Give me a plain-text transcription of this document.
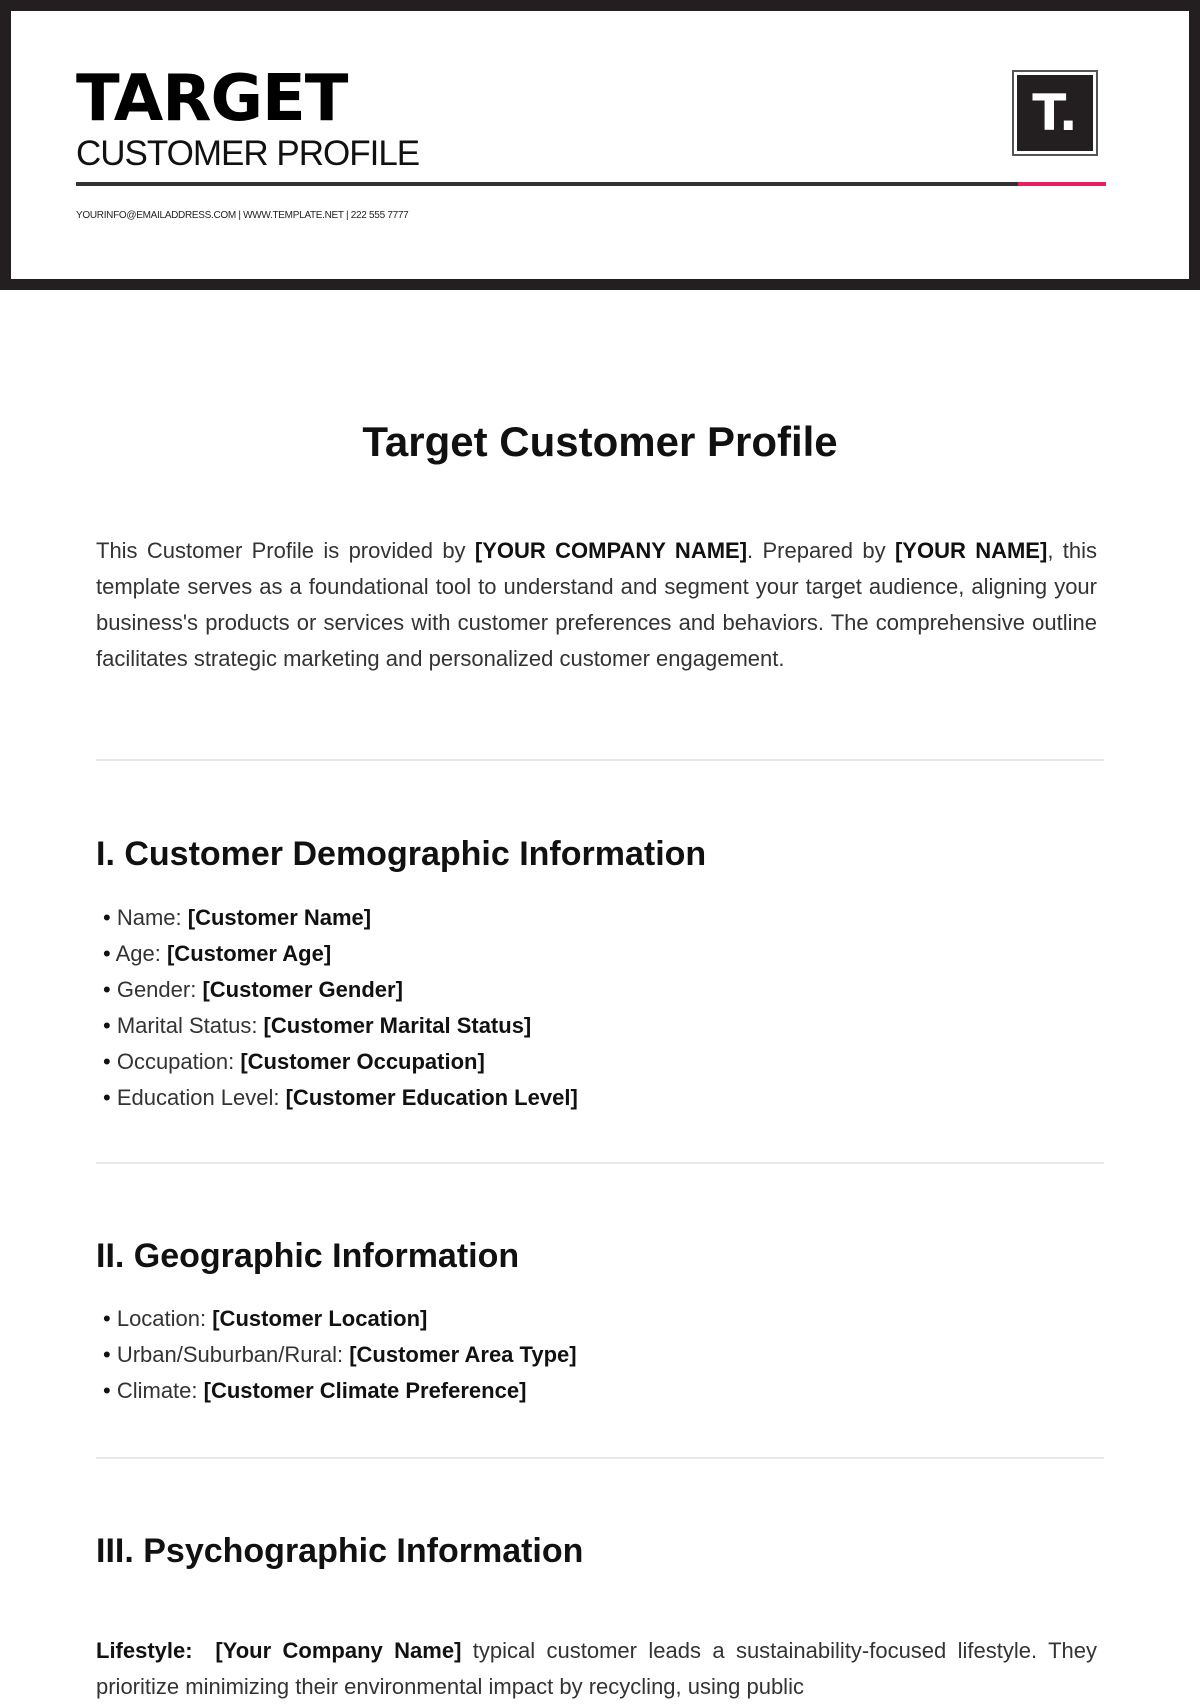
TARGET
CUSTOMER PROFILE
YOURINFO@EMAILADDRESS.COM | WWW.TEMPLATE.NET | 222 555 7777
T.
Target Customer Profile

This Customer Profile is provided by [YOUR COMPANY NAME]. Prepared by [YOUR NAME], this template serves as a foundational tool to understand and segment your target audience, aligning your business's products or services with customer preferences and behaviors. The comprehensive outline facilitates strategic marketing and personalized customer engagement.

I. Customer Demographic Information
• Name: [Customer Name]
• Age: [Customer Age]
• Gender: [Customer Gender]
• Marital Status: [Customer Marital Status]
• Occupation: [Customer Occupation]
• Education Level: [Customer Education Level]
II. Geographic Information
• Location: [Customer Location]
• Urban/Suburban/Rural: [Customer Area Type]
• Climate: [Customer Climate Preference]
III. Psychographic Information

Lifestyle:  [Your Company Name] typical customer leads a sustainability-focused lifestyle. They prioritize minimizing their environmental impact by recycling, using public
